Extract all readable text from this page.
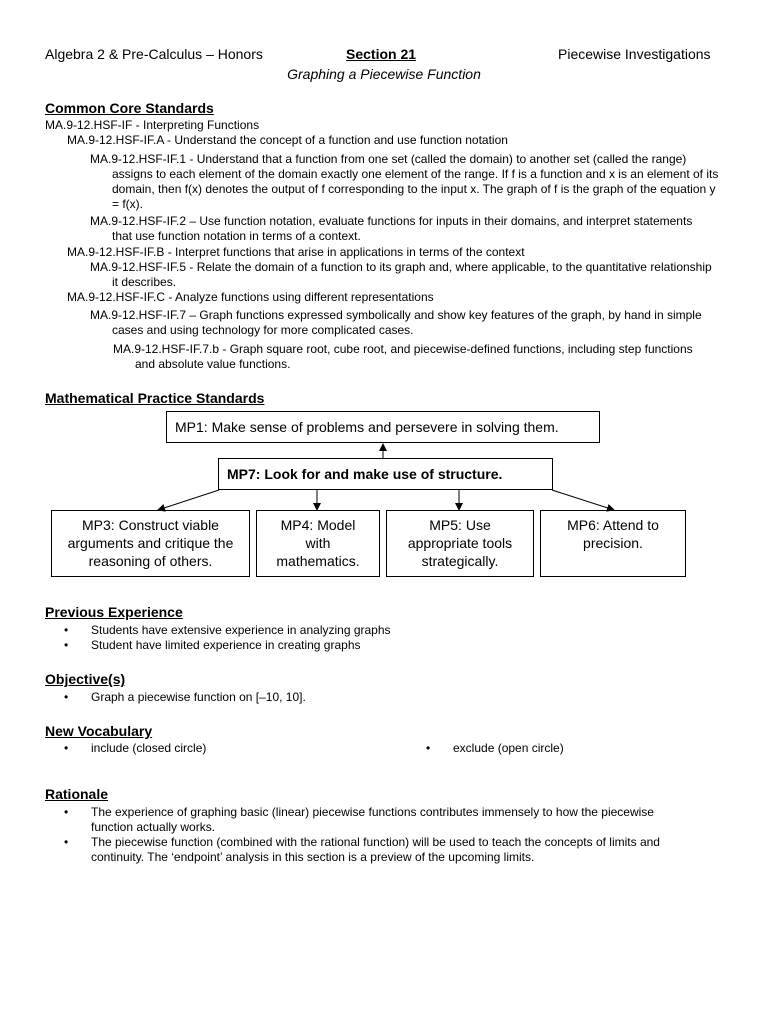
Algebra 2 & Pre-Calculus – Honors	Section 21	Piecewise Investigations
Graphing a Piecewise Function
Common Core Standards
MA.9-12.HSF-IF - Interpreting Functions
MA.9-12.HSF-IF.A - Understand the concept of a function and use function notation
MA.9-12.HSF-IF.1 - Understand that a function from one set (called the domain) to another set (called the range) assigns to each element of the domain exactly one element of the range. If f is a function and x is an element of its domain, then f(x) denotes the output of f corresponding to the input x. The graph of f is the graph of the equation y = f(x).
MA.9-12.HSF-IF.2 – Use function notation, evaluate functions for inputs in their domains, and interpret statements that use function notation in terms of a context.
MA.9-12.HSF-IF.B - Interpret functions that arise in applications in terms of the context
MA.9-12.HSF-IF.5 - Relate the domain of a function to its graph and, where applicable, to the quantitative relationship it describes.
MA.9-12.HSF-IF.C - Analyze functions using different representations
MA.9-12.HSF-IF.7 – Graph functions expressed symbolically and show key features of the graph, by hand in simple cases and using technology for more complicated cases.
MA.9-12.HSF-IF.7.b - Graph square root, cube root, and piecewise-defined functions, including step functions and absolute value functions.
Mathematical Practice Standards
MP1: Make sense of problems and persevere in solving them.
MP7: Look for and make use of structure.
MP3: Construct viable arguments and critique the reasoning of others.
MP4: Model with mathematics.
MP5: Use appropriate tools strategically.
MP6: Attend to precision.
Previous Experience
• Students have extensive experience in analyzing graphs
• Student have limited experience in creating graphs
Objective(s)
• Graph a piecewise function on [–10, 10].
New Vocabulary
• include (closed circle)	• exclude (open circle)
Rationale
• The experience of graphing basic (linear) piecewise functions contributes immensely to how the piecewise function actually works.
• The piecewise function (combined with the rational function) will be used to teach the concepts of limits and continuity. The ‘endpoint’ analysis in this section is a preview of the upcoming limits.
